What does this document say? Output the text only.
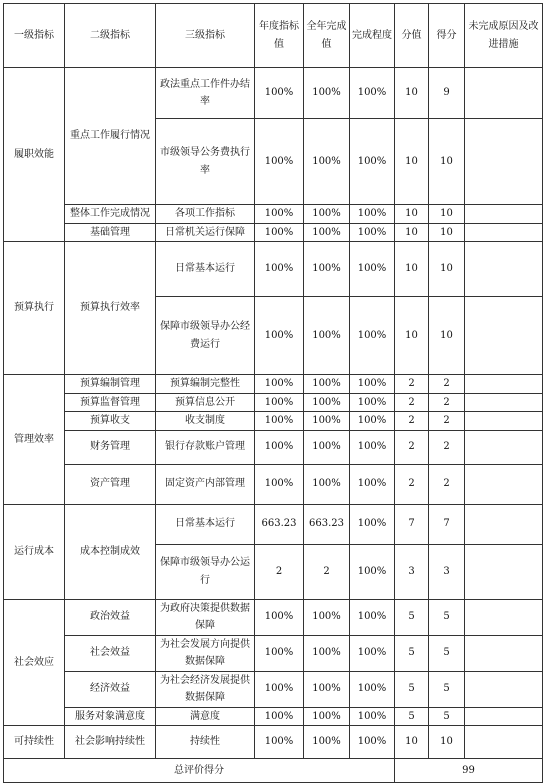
一级指标	二级指标	三级指标	年度指标值	全年完成值	完成程度	分值	得分	未完成原因及改进措施
履职效能	重点工作履行情况	政法重点工作件办结率	100%	100%	100%	10	9	
		市级领导公务费执行率	100%	100%	100%	10	10	
	整体工作完成情况	各项工作指标	100%	100%	100%	10	10	
	基础管理	日常机关运行保障	100%	100%	100%	10	10	
预算执行	预算执行效率	日常基本运行	100%	100%	100%	10	10	
		保障市级领导办公经费运行	100%	100%	100%	10	10	
管理效率	预算编制管理	预算编制完整性	100%	100%	100%	2	2	
	预算监督管理	预算信息公开	100%	100%	100%	2	2	
	预算收支	收支制度	100%	100%	100%	2	2	
	财务管理	银行存款账户管理	100%	100%	100%	2	2	
	资产管理	固定资产内部管理	100%	100%	100%	2	2	
运行成本	成本控制成效	日常基本运行	663.23	663.23	100%	7	7	
		保障市级领导办公运行	2	2	100%	3	3	
社会效应	政治效益	为政府决策提供数据保障	100%	100%	100%	5	5	
	社会效益	为社会发展方向提供数据保障	100%	100%	100%	5	5	
	经济效益	为社会经济发展提供数据保障	100%	100%	100%	5	5	
	服务对象满意度	满意度	100%	100%	100%	5	5	
可持续性	社会影响持续性	持续性	100%	100%	100%	10	10	
总评价得分						99		
